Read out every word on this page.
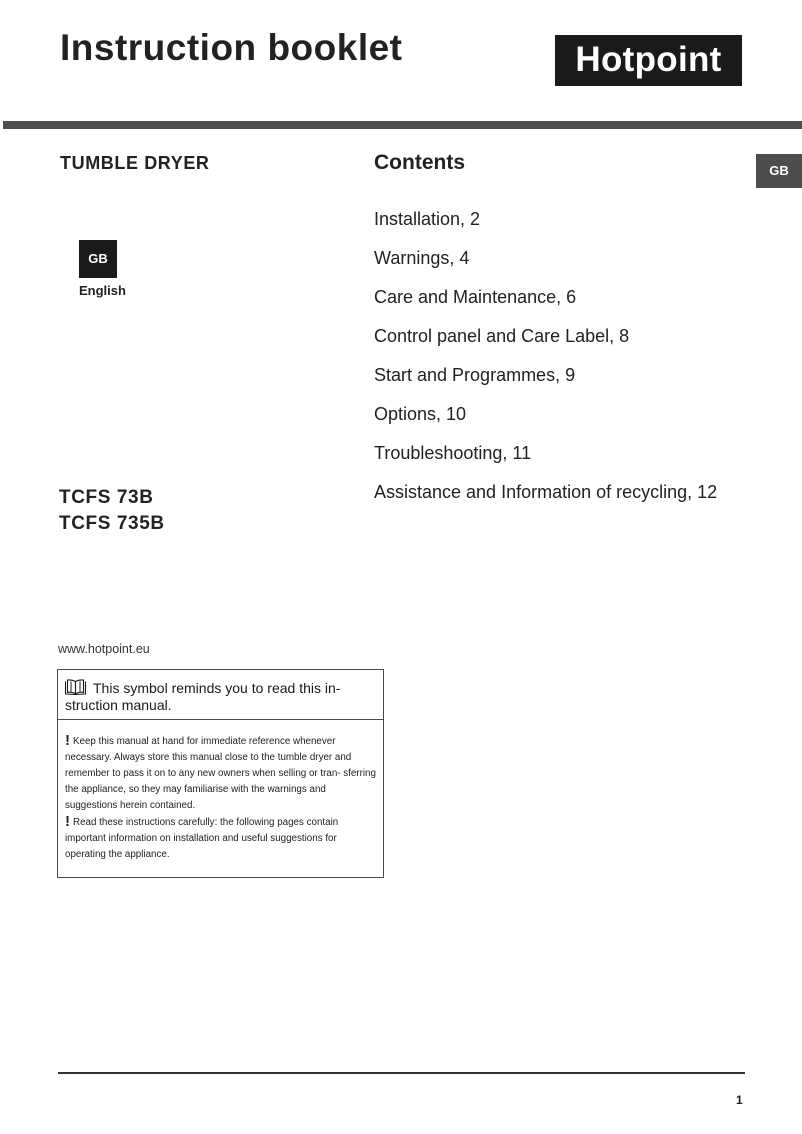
Instruction booklet	Hotpoint
TUMBLE DRYER	Contents	GB
GB
English
Installation, 2
Warnings, 4
Care and Maintenance, 6
Control panel and Care Label, 8
Start and Programmes, 9
Options, 10
Troubleshooting, 11
Assistance and Information of recycling, 12
TCFS 73B
TCFS 735B
www.hotpoint.eu
This symbol reminds you to read this in- struction manual.
! Keep this manual at hand for immediate reference whenever necessary. Always store this manual close to the tumble dryer and remember to pass it on to any new owners when selling or tran- sferring the appliance, so they may familiarise with the warnings and suggestions herein contained.
! Read these instructions carefully: the following pages contain important information on installation and useful suggestions for operating the appliance.
1
